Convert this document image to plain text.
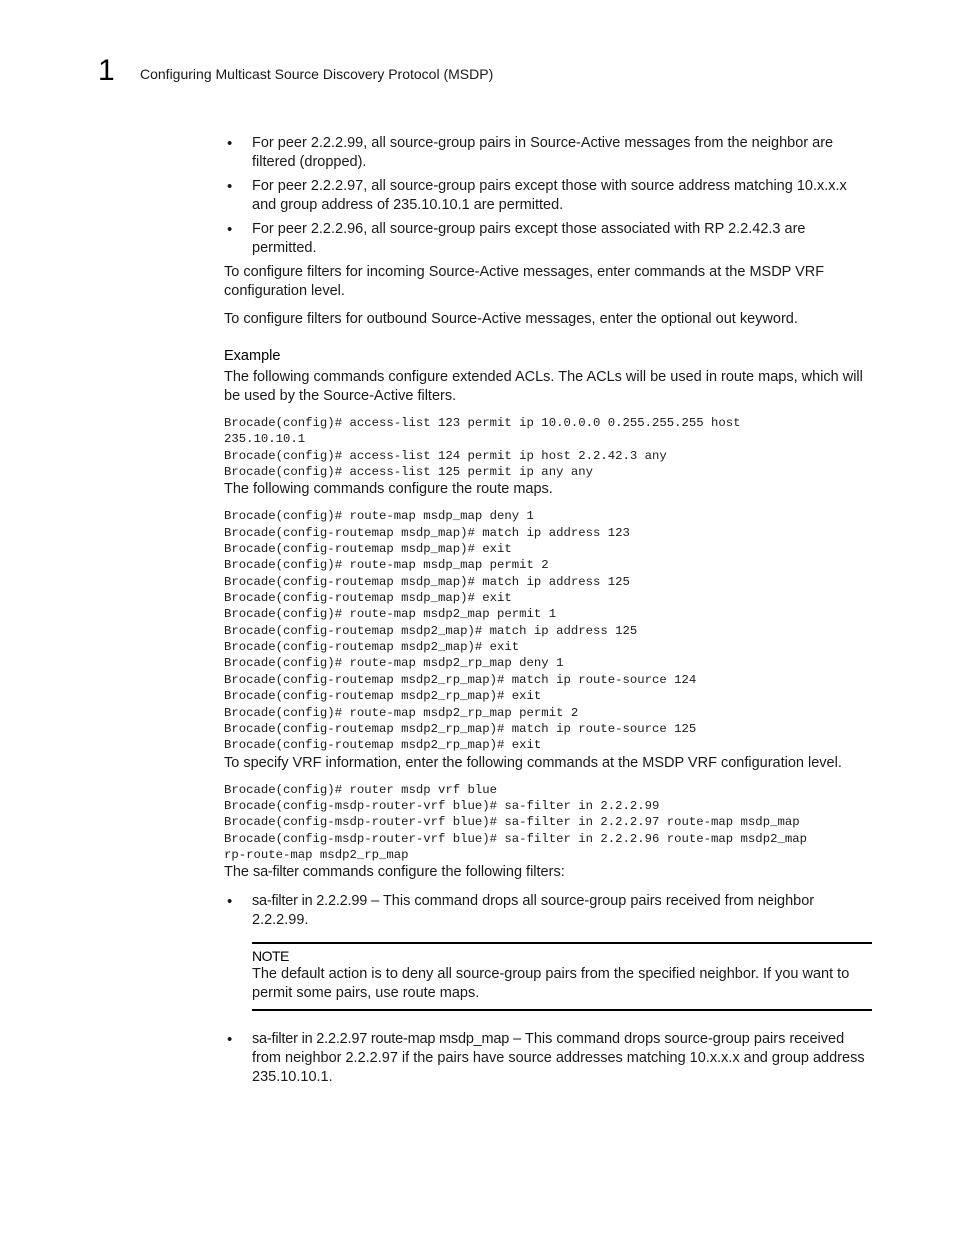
1 Configuring Multicast Source Discovery Protocol (MSDP)
• For peer 2.2.2.99, all source-group pairs in Source-Active messages from the neighbor are filtered (dropped).
• For peer 2.2.2.97, all source-group pairs except those with source address matching 10.x.x.x and group address of 235.10.10.1 are permitted.
• For peer 2.2.2.96, all source-group pairs except those associated with RP 2.2.42.3 are permitted.

To configure filters for incoming Source-Active messages, enter commands at the MSDP VRF configuration level.

To configure filters for outbound Source-Active messages, enter the optional out keyword.

Example

The following commands configure extended ACLs. The ACLs will be used in route maps, which will be used by the Source-Active filters.

Brocade(config)# access-list 123 permit ip 10.0.0.0 0.255.255.255 host
235.10.10.1
Brocade(config)# access-list 124 permit ip host 2.2.42.3 any
Brocade(config)# access-list 125 permit ip any any

The following commands configure the route maps.

Brocade(config)# route-map msdp_map deny 1
Brocade(config-routemap msdp_map)# match ip address 123
Brocade(config-routemap msdp_map)# exit
Brocade(config)# route-map msdp_map permit 2
Brocade(config-routemap msdp_map)# match ip address 125
Brocade(config-routemap msdp_map)# exit
Brocade(config)# route-map msdp2_map permit 1
Brocade(config-routemap msdp2_map)# match ip address 125
Brocade(config-routemap msdp2_map)# exit
Brocade(config)# route-map msdp2_rp_map deny 1
Brocade(config-routemap msdp2_rp_map)# match ip route-source 124
Brocade(config-routemap msdp2_rp_map)# exit
Brocade(config)# route-map msdp2_rp_map permit 2
Brocade(config-routemap msdp2_rp_map)# match ip route-source 125
Brocade(config-routemap msdp2_rp_map)# exit

To specify VRF information, enter the following commands at the MSDP VRF configuration level.

Brocade(config)# router msdp vrf blue
Brocade(config-msdp-router-vrf blue)# sa-filter in 2.2.2.99
Brocade(config-msdp-router-vrf blue)# sa-filter in 2.2.2.97 route-map msdp_map
Brocade(config-msdp-router-vrf blue)# sa-filter in 2.2.2.96 route-map msdp2_map
rp-route-map msdp2_rp_map

The sa-filter commands configure the following filters:

• sa-filter in 2.2.2.99 – This command drops all source-group pairs received from neighbor 2.2.2.99.
NOTE
The default action is to deny all source-group pairs from the specified neighbor. If you want to permit some pairs, use route maps.
• sa-filter in 2.2.2.97 route-map msdp_map – This command drops source-group pairs received from neighbor 2.2.2.97 if the pairs have source addresses matching 10.x.x.x and group address 235.10.10.1.
